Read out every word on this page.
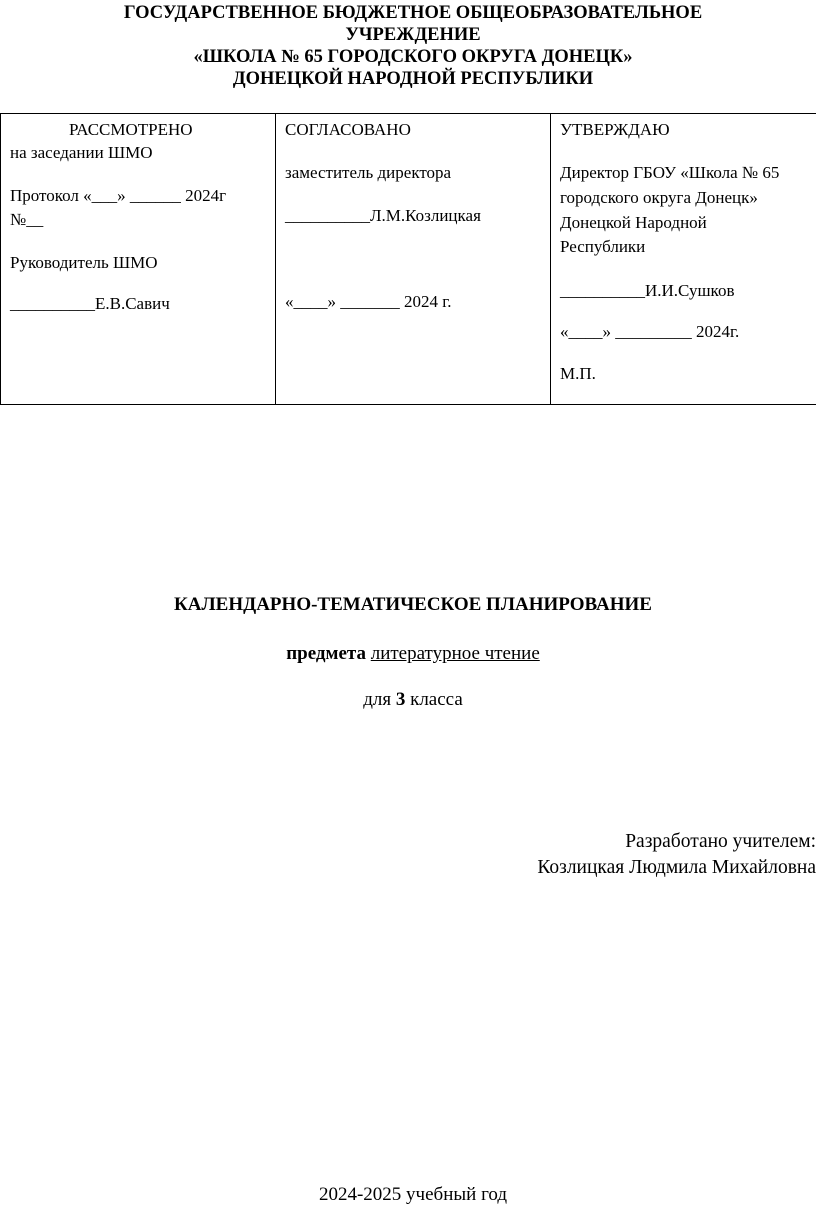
ГОСУДАРСТВЕННОЕ БЮДЖЕТНОЕ ОБЩЕОБРАЗОВАТЕЛЬНОЕ
УЧРЕЖДЕНИЕ
«ШКОЛА № 65 ГОРОДСКОГО ОКРУГА ДОНЕЦК»
ДОНЕЦКОЙ НАРОДНОЙ РЕСПУБЛИКИ
РАССМОТРЕНО
на заседании ШМО
Протокол «___» ______ 2024г
№__
Руководитель ШМО
__________Е.В.Савич
СОГЛАСОВАНО
заместитель директора
__________Л.М.Козлицкая
«____» _______ 2024 г.
УТВЕРЖДАЮ
Директор ГБОУ «Школа № 65
городского округа Донецк»
Донецкой Народной
Республики
__________И.И.Сушков
«____» _________ 2024г.
М.П.
КАЛЕНДАРНО-ТЕМАТИЧЕСКОЕ ПЛАНИРОВАНИЕ
предмета литературное чтение
для 3 класса
Разработано учителем:
Козлицкая Людмила Михайловна
2024-2025 учебный год
